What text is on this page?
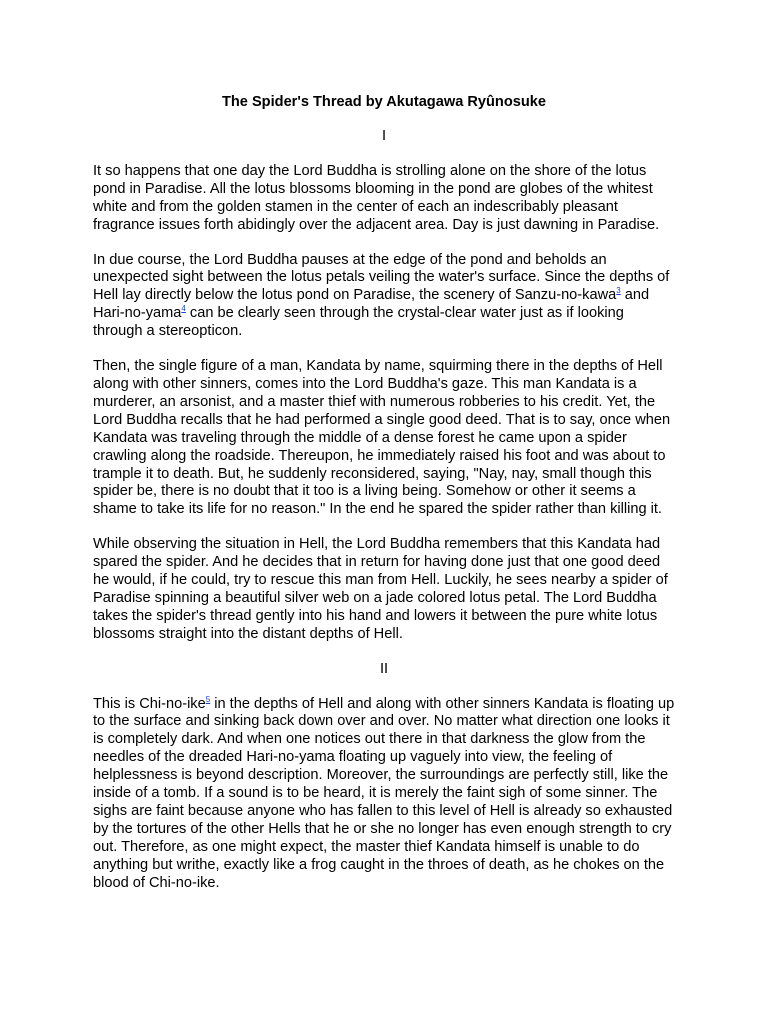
The Spider's Thread by Akutagawa Ryûnosuke

I

It so happens that one day the Lord Buddha is strolling alone on the shore of the lotus pond in Paradise. All the lotus blossoms blooming in the pond are globes of the whitest white and from the golden stamen in the center of each an indescribably pleasant fragrance issues forth abidingly over the adjacent area. Day is just dawning in Paradise.

In due course, the Lord Buddha pauses at the edge of the pond and beholds an unexpected sight between the lotus petals veiling the water's surface. Since the depths of Hell lay directly below the lotus pond on Paradise, the scenery of Sanzu-no-kawa$^3$ and Hari-no-yama$^4$ can be clearly seen through the crystal-clear water just as if looking through a stereopticon.

Then, the single figure of a man, Kandata by name, squirming there in the depths of Hell along with other sinners, comes into the Lord Buddha's gaze. This man Kandata is a murderer, an arsonist, and a master thief with numerous robberies to his credit. Yet, the Lord Buddha recalls that he had performed a single good deed. That is to say, once when Kandata was traveling through the middle of a dense forest he came upon a spider crawling along the roadside. Thereupon, he immediately raised his foot and was about to trample it to death. But, he suddenly reconsidered, saying, "Nay, nay, small though this spider be, there is no doubt that it too is a living being. Somehow or other it seems a shame to take its life for no reason." In the end he spared the spider rather than killing it.

While observing the situation in Hell, the Lord Buddha remembers that this Kandata had spared the spider. And he decides that in return for having done just that one good deed he would, if he could, try to rescue this man from Hell. Luckily, he sees nearby a spider of Paradise spinning a beautiful silver web on a jade colored lotus petal. The Lord Buddha takes the spider's thread gently into his hand and lowers it between the pure white lotus blossoms straight into the distant depths of Hell.

II

This is Chi-no-ike$^5$ in the depths of Hell and along with other sinners Kandata is floating up to the surface and sinking back down over and over. No matter what direction one looks it is completely dark. And when one notices out there in that darkness the glow from the needles of the dreaded Hari-no-yama floating up vaguely into view, the feeling of helplessness is beyond description. Moreover, the surroundings are perfectly still, like the inside of a tomb. If a sound is to be heard, it is merely the faint sigh of some sinner. The sighs are faint because anyone who has fallen to this level of Hell is already so exhausted by the tortures of the other Hells that he or she no longer has even enough strength to cry out. Therefore, as one might expect, the master thief Kandata himself is unable to do anything but writhe, exactly like a frog caught in the throes of death, as he chokes on the blood of Chi-no-ike.
